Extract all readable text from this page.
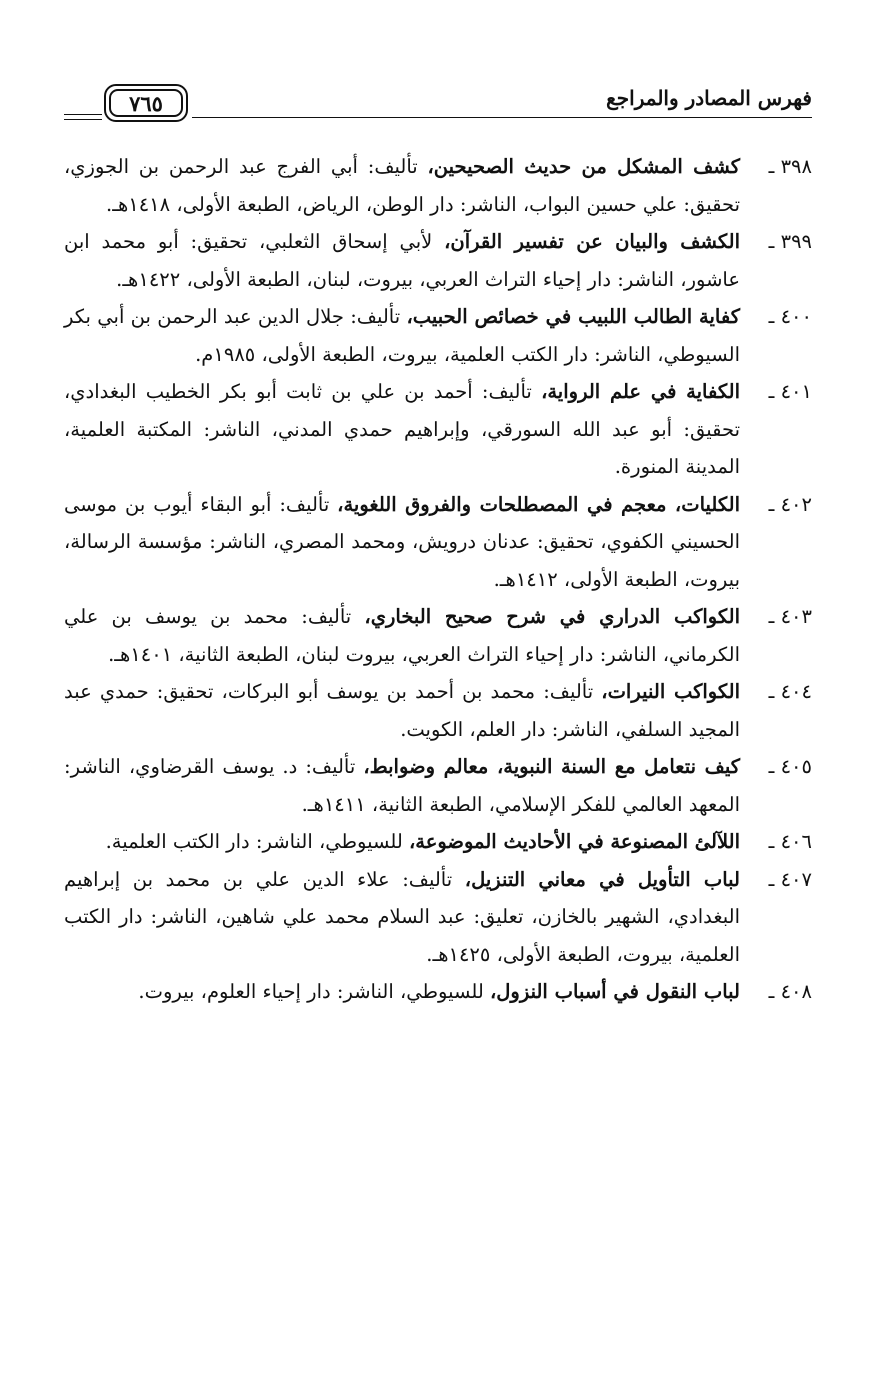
فهرس المصادر والمراجع
٧٦٥

٣٩٨ ـكشف المشكل من حديث الصحيحين، تأليف: أبي الفرج عبد الرحمن بن الجوزي، تحقيق: علي حسين البواب، الناشر: دار الوطن، الرياض، الطبعة الأولى، ١٤١٨هـ.

٣٩٩ ـالكشف والبيان عن تفسير القرآن، لأبي إسحاق الثعلبي، تحقيق: أبو محمد ابن عاشور، الناشر: دار إحياء التراث العربي، بيروت، لبنان، الطبعة الأولى، ١٤٢٢هـ.

٤٠٠ ـكفاية الطالب اللبيب في خصائص الحبيب، تأليف: جلال الدين عبد الرحمن بن أبي بكر السيوطي، الناشر: دار الكتب العلمية، بيروت، الطبعة الأولى، ١٩٨٥م.

٤٠١ ـالكفاية في علم الرواية، تأليف: أحمد بن علي بن ثابت أبو بكر الخطيب البغدادي، تحقيق: أبو عبد الله السورقي، وإبراهيم حمدي المدني، الناشر: المكتبة العلمية، المدينة المنورة.

٤٠٢ ـالكليات، معجم في المصطلحات والفروق اللغوية، تأليف: أبو البقاء أيوب بن موسى الحسيني الكفوي، تحقيق: عدنان درويش، ومحمد المصري، الناشر: مؤسسة الرسالة، بيروت، الطبعة الأولى، ١٤١٢هـ.

٤٠٣ ـالكواكب الدراري في شرح صحيح البخاري، تأليف: محمد بن يوسف بن علي الكرماني، الناشر: دار إحياء التراث العربي، بيروت لبنان، الطبعة الثانية، ١٤٠١هـ.

٤٠٤ ـالكواكب النيرات، تأليف: محمد بن أحمد بن يوسف أبو البركات، تحقيق: حمدي عبد المجيد السلفي، الناشر: دار العلم، الكويت.

٤٠٥ ـكيف نتعامل مع السنة النبوية، معالم وضوابط، تأليف: د. يوسف القرضاوي، الناشر: المعهد العالمي للفكر الإسلامي، الطبعة الثانية، ١٤١١هـ.

٤٠٦ ـاللآلئ المصنوعة في الأحاديث الموضوعة، للسيوطي، الناشر: دار الكتب العلمية.

٤٠٧ ـلباب التأويل في معاني التنزيل، تأليف: علاء الدين علي بن محمد بن إبراهيم البغدادي، الشهير بالخازن، تعليق: عبد السلام محمد علي شاهين، الناشر: دار الكتب العلمية، بيروت، الطبعة الأولى، ١٤٢٥هـ.

٤٠٨ ـلباب النقول في أسباب النزول، للسيوطي، الناشر: دار إحياء العلوم، بيروت.
